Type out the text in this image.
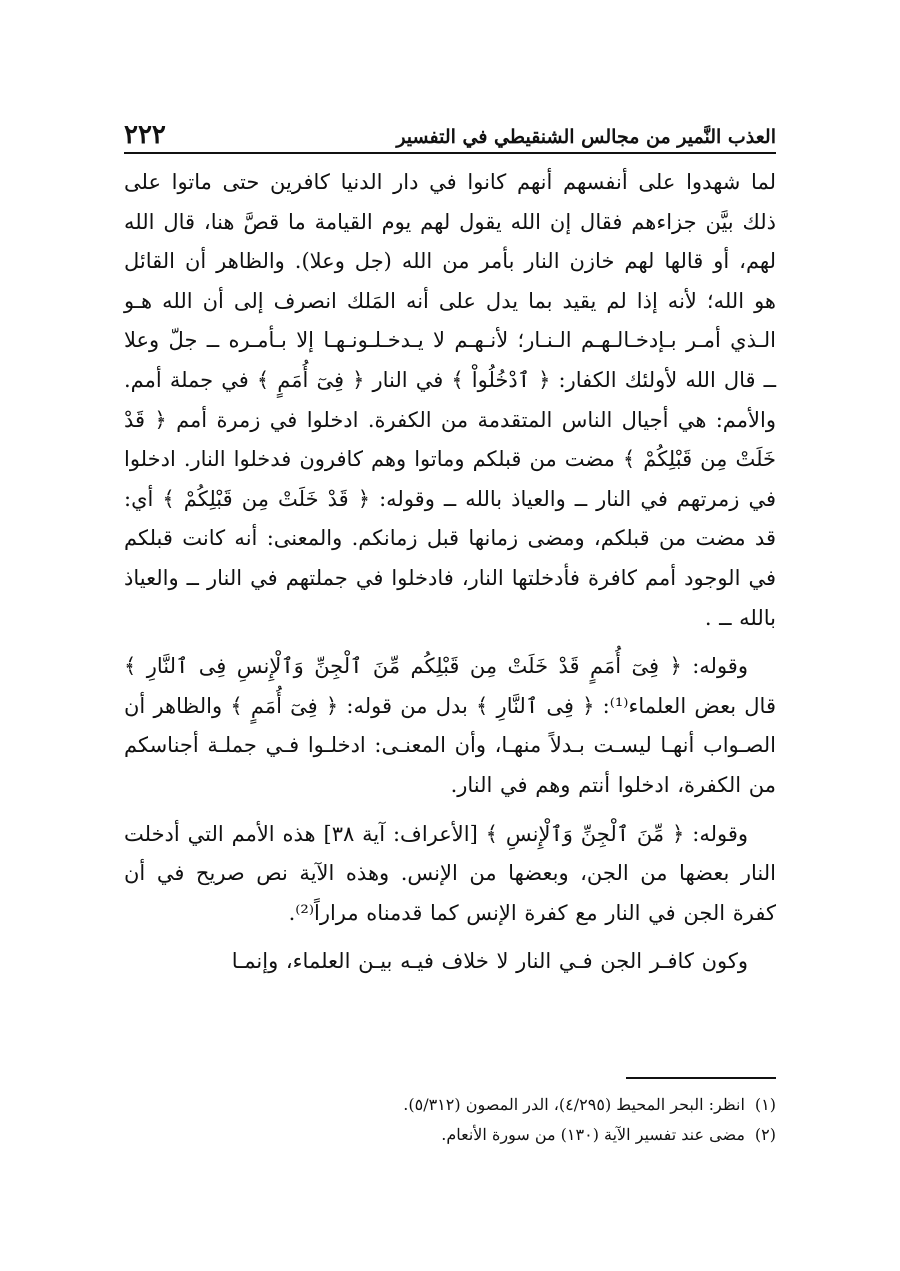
العذب النَّمير من مجالس الشنقيطي في التفسير
٢٢٢

لما شهدوا على أنفسهم أنهم كانوا في دار الدنيا كافرين حتى ماتوا على ذلك بيَّن جزاءهم فقال إن الله يقول لهم يوم القيامة ما قصَّ هنا، قال الله لهم، أو قالها لهم خازن النار بأمر من الله (جل وعلا). والظاهر أن القائل هو الله؛ لأنه إذا لم يقيد بما يدل على أنه المَلك انصرف إلى أن الله هـو الـذي أمـر بـإدخـالـهـم الـنـار؛ لأنـهـم لا يـدخـلـونـهـا إلا بـأمـره ــ جلّ وعلا ــ قال الله لأولئك الكفار: ﴿ ٱدْخُلُواْ ﴾ في النار ﴿ فِىٓ أُمَمٍ ﴾ في جملة أمم. والأمم: هي أجيال الناس المتقدمة من الكفرة. ادخلوا في زمرة أمم ﴿ قَدْ خَلَتْ مِن قَبْلِكُمْ ﴾ مضت من قبلكم وماتوا وهم كافرون فدخلوا النار. ادخلوا في زمرتهم في النار ــ والعياذ بالله ــ وقوله: ﴿ قَدْ خَلَتْ مِن قَبْلِكُمْ ﴾ أي: قد مضت من قبلكم، ومضى زمانها قبل زمانكم. والمعنى: أنه كانت قبلكم في الوجود أمم كافرة فأدخلتها النار، فادخلوا في جملتهم في النار ــ والعياذ بالله ــ .

وقوله: ﴿ فِىٓ أُمَمٍ قَدْ خَلَتْ مِن قَبْلِكُم مِّنَ ٱلْجِنِّ وَٱلْإِنسِ فِى ٱلنَّارِ ﴾ قال بعض العلماء⁽¹⁾: ﴿ فِى ٱلنَّارِ ﴾ بدل من قوله: ﴿ فِىٓ أُمَمٍ ﴾ والظاهر أن الصـواب أنهـا ليسـت بـدلاً منهـا، وأن المعنـى: ادخلـوا فـي جملـة أجناسكم من الكفرة، ادخلوا أنتم وهم في النار.

وقوله: ﴿ مِّنَ ٱلْجِنِّ وَٱلْإِنسِ ﴾ [الأعراف: آية ٣٨] هذه الأمم التي أدخلت النار بعضها من الجن، وبعضها من الإنس. وهذه الآية نص صريح في أن كفرة الجن في النار مع كفرة الإنس كما قدمناه مراراً⁽²⁾.

وكون كافـر الجن فـي النار لا خلاف فيـه بيـن العلماء، وإنمـا

(١)
انظر: البحر المحيط (٤/٢٩٥)، الدر المصون (٥/٣١٢).

(٢)
مضى عند تفسير الآية (١٣٠) من سورة الأنعام.
